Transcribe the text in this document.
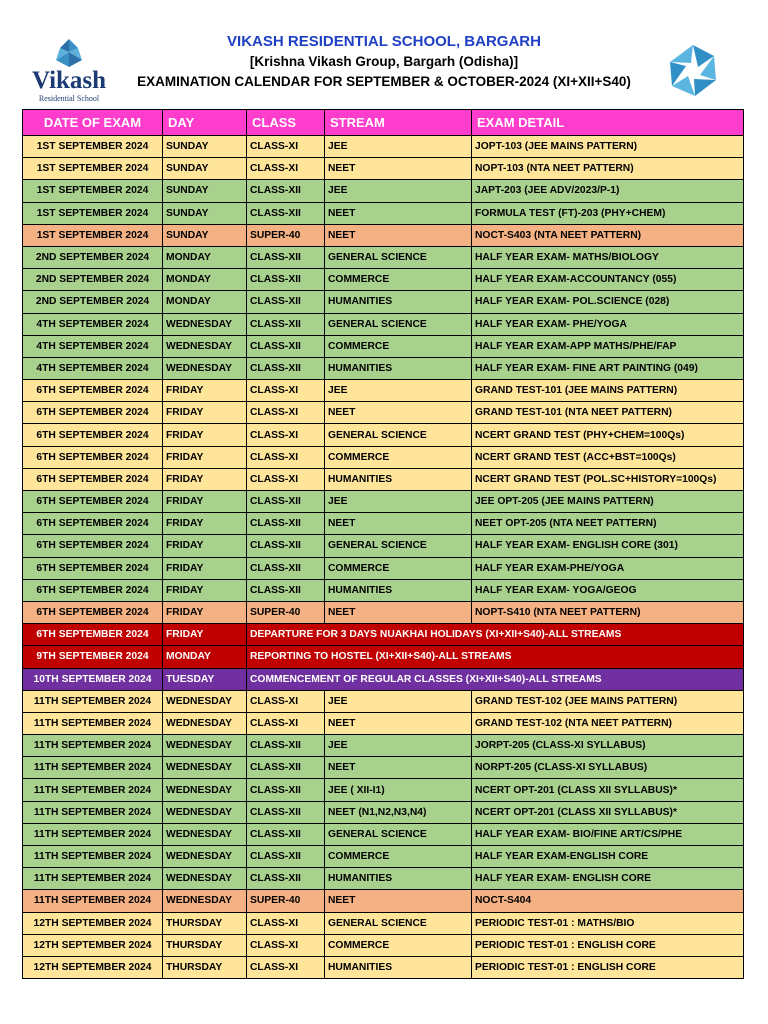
Vikash
Residential School
VIKASH RESIDENTIAL SCHOOL, BARGARH
[Krishna Vikash Group, Bargarh (Odisha)]
EXAMINATION CALENDAR FOR SEPTEMBER & OCTOBER-2024 (XI+XII+S40)
DATE OF EXAM	DAY	CLASS	STREAM	EXAM DETAIL
1ST SEPTEMBER 2024	SUNDAY	CLASS-XI	JEE	JOPT-103 (JEE MAINS PATTERN)
1ST SEPTEMBER 2024	SUNDAY	CLASS-XI	NEET	NOPT-103 (NTA NEET PATTERN)
1ST SEPTEMBER 2024	SUNDAY	CLASS-XII	JEE	JAPT-203 (JEE ADV/2023/P-1)
1ST SEPTEMBER 2024	SUNDAY	CLASS-XII	NEET	FORMULA TEST (FT)-203 (PHY+CHEM)
1ST SEPTEMBER 2024	SUNDAY	SUPER-40	NEET	NOCT-S403 (NTA NEET PATTERN)
2ND SEPTEMBER 2024	MONDAY	CLASS-XII	GENERAL SCIENCE	HALF YEAR EXAM- MATHS/BIOLOGY
2ND SEPTEMBER 2024	MONDAY	CLASS-XII	COMMERCE	HALF YEAR EXAM-ACCOUNTANCY (055)
2ND SEPTEMBER 2024	MONDAY	CLASS-XII	HUMANITIES	HALF YEAR EXAM- POL.SCIENCE (028)
4TH SEPTEMBER 2024	WEDNESDAY	CLASS-XII	GENERAL SCIENCE	HALF YEAR EXAM- PHE/YOGA
4TH SEPTEMBER 2024	WEDNESDAY	CLASS-XII	COMMERCE	HALF YEAR EXAM-APP MATHS/PHE/FAP
4TH SEPTEMBER 2024	WEDNESDAY	CLASS-XII	HUMANITIES	HALF YEAR EXAM- FINE ART PAINTING (049)
6TH SEPTEMBER 2024	FRIDAY	CLASS-XI	JEE	GRAND TEST-101 (JEE MAINS PATTERN)
6TH SEPTEMBER 2024	FRIDAY	CLASS-XI	NEET	GRAND TEST-101 (NTA NEET PATTERN)
6TH SEPTEMBER 2024	FRIDAY	CLASS-XI	GENERAL SCIENCE	NCERT GRAND TEST (PHY+CHEM=100Qs)
6TH SEPTEMBER 2024	FRIDAY	CLASS-XI	COMMERCE	NCERT GRAND TEST (ACC+BST=100Qs)
6TH SEPTEMBER 2024	FRIDAY	CLASS-XI	HUMANITIES	NCERT GRAND TEST (POL.SC+HISTORY=100Qs)
6TH SEPTEMBER 2024	FRIDAY	CLASS-XII	JEE	JEE OPT-205 (JEE MAINS PATTERN)
6TH SEPTEMBER 2024	FRIDAY	CLASS-XII	NEET	NEET OPT-205 (NTA NEET PATTERN)
6TH SEPTEMBER 2024	FRIDAY	CLASS-XII	GENERAL SCIENCE	HALF YEAR EXAM- ENGLISH CORE (301)
6TH SEPTEMBER 2024	FRIDAY	CLASS-XII	COMMERCE	HALF YEAR EXAM-PHE/YOGA
6TH SEPTEMBER 2024	FRIDAY	CLASS-XII	HUMANITIES	HALF YEAR EXAM- YOGA/GEOG
6TH SEPTEMBER 2024	FRIDAY	SUPER-40	NEET	NOPT-S410 (NTA NEET PATTERN)
6TH SEPTEMBER 2024	FRIDAY	DEPARTURE FOR 3 DAYS NUAKHAI HOLIDAYS (XI+XII+S40)-ALL STREAMS		
9TH SEPTEMBER 2024	MONDAY	REPORTING TO HOSTEL (XI+XII+S40)-ALL STREAMS		
10TH SEPTEMBER 2024	TUESDAY	COMMENCEMENT OF REGULAR CLASSES (XI+XII+S40)-ALL STREAMS		
11TH SEPTEMBER 2024	WEDNESDAY	CLASS-XI	JEE	GRAND TEST-102 (JEE MAINS PATTERN)
11TH SEPTEMBER 2024	WEDNESDAY	CLASS-XI	NEET	GRAND TEST-102 (NTA NEET PATTERN)
11TH SEPTEMBER 2024	WEDNESDAY	CLASS-XII	JEE	JORPT-205 (CLASS-XI SYLLABUS)
11TH SEPTEMBER 2024	WEDNESDAY	CLASS-XII	NEET	NORPT-205 (CLASS-XI SYLLABUS)
11TH SEPTEMBER 2024	WEDNESDAY	CLASS-XII	JEE ( XII-I1)	NCERT OPT-201 (CLASS XII SYLLABUS)*
11TH SEPTEMBER 2024	WEDNESDAY	CLASS-XII	NEET (N1,N2,N3,N4)	NCERT OPT-201 (CLASS XII SYLLABUS)*
11TH SEPTEMBER 2024	WEDNESDAY	CLASS-XII	GENERAL SCIENCE	HALF YEAR EXAM- BIO/FINE ART/CS/PHE
11TH SEPTEMBER 2024	WEDNESDAY	CLASS-XII	COMMERCE	HALF YEAR EXAM-ENGLISH CORE
11TH SEPTEMBER 2024	WEDNESDAY	CLASS-XII	HUMANITIES	HALF YEAR EXAM- ENGLISH CORE
11TH SEPTEMBER 2024	WEDNESDAY	SUPER-40	NEET	NOCT-S404
12TH SEPTEMBER 2024	THURSDAY	CLASS-XI	GENERAL SCIENCE	PERIODIC TEST-01 : MATHS/BIO
12TH SEPTEMBER 2024	THURSDAY	CLASS-XI	COMMERCE	PERIODIC TEST-01 : ENGLISH CORE
12TH SEPTEMBER 2024	THURSDAY	CLASS-XI	HUMANITIES	PERIODIC TEST-01 : ENGLISH CORE
